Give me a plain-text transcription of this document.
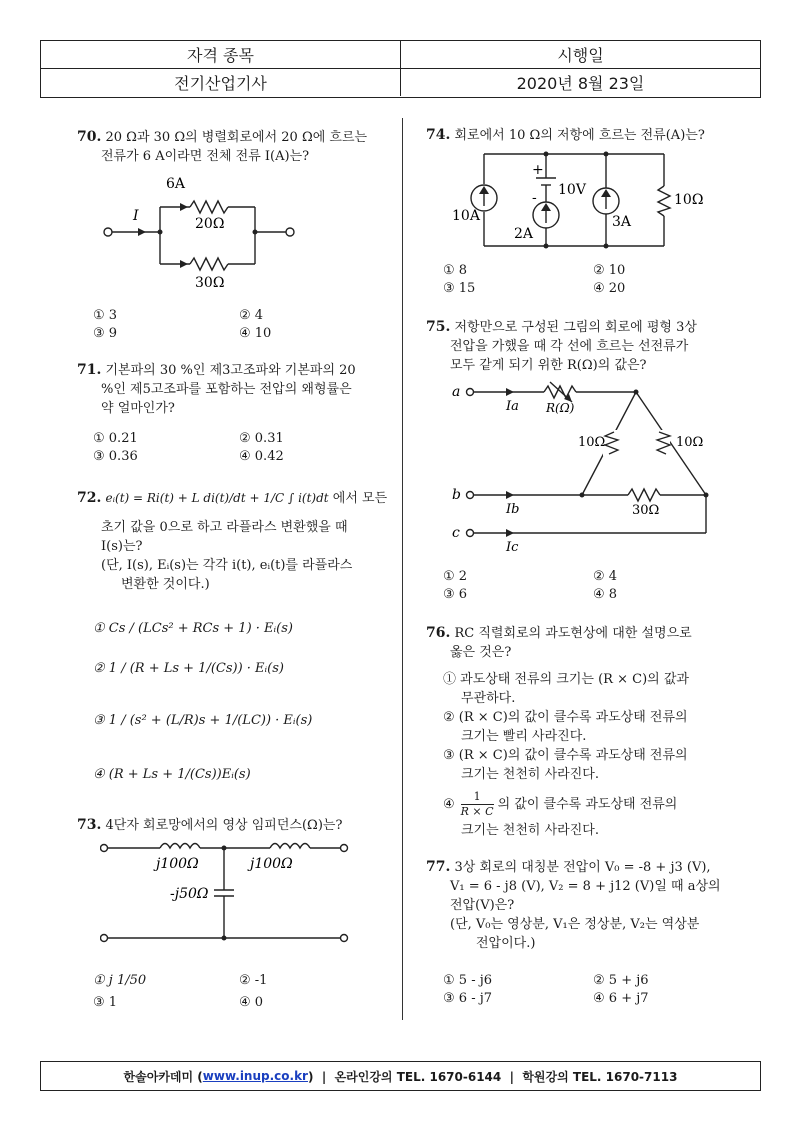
자격 종목	시행일
전기산업기사	2020년 8월 23일
70. 20 Ω과 30 Ω의 병렬회로에서 20 Ω에 흐르는
전류가 6 A이라면 전체 전류 I(A)는?
6A
I	20Ω
30Ω
① 3	② 4
③ 9	④ 10
71. 기본파의 30 %인 제3고조파와 기본파의 20
%인 제5고조파를 포함하는 전압의 왜형률은
약 얼마인가?
① 0.21	② 0.31
③ 0.36	④ 0.42
72. eᵢ(t) = Ri(t) + L di(t)/dt + 1/C ∫ i(t)dt 에서 모든
초기 값을 0으로 하고 라플라스 변환했을 때
I(s)는?
(단, I(s), Eᵢ(s)는 각각 i(t), eᵢ(t)를 라플라스
변환한 것이다.)
① Cs / (LCs² + RCs + 1) · Eᵢ(s)
② 1 / (R + Ls + 1/(Cs)) · Eᵢ(s)
③ 1 / (s² + (L/R)s + 1/(LC)) · Eᵢ(s)
④ (R + Ls + 1/(Cs))Eᵢ(s)
73. 4단자 회로망에서의 영상 임피던스(Ω)는?
j100Ω	j100Ω
-j50Ω
① j 1/50	② -1
③ 1	④ 0
74. 회로에서 10 Ω의 저항에 흐르는 전류(A)는?
10A
10V
+
-
2A
3A
10Ω
① 8	② 10
③ 15	④ 20
75. 저항만으로 구성된 그림의 회로에 평형 3상
전압을 가했을 때 각 선에 흐르는 선전류가
모두 같게 되기 위한 R(Ω)의 값은?
a
b
c
Ia
Ib
Ic
R(Ω)
10Ω	10Ω
30Ω
① 2	② 4
③ 6	④ 8
76. RC 직렬회로의 과도현상에 대한 설명으로
옳은 것은?
① 과도상태 전류의 크기는 (R × C)의 값과
무관하다.
② (R × C)의 값이 클수록 과도상태 전류의
크기는 빨리 사라진다.
③ (R × C)의 값이 클수록 과도상태 전류의
크기는 천천히 사라진다.
④
1
R × C 의 값이 클수록 과도상태 전류의
크기는 천천히 사라진다.
77. 3상 회로의 대칭분 전압이 V₀ = -8 + j3 (V),
V₁ = 6 - j8 (V), V₂ = 8 + j12 (V)일 때 a상의
전압(V)은?
(단, V₀는 영상분, V₁은 정상분, V₂는 역상분
전압이다.)
① 5 - j6	② 5 + j6
③ 6 - j7	④ 6 + j7
한솔아카데미 ( www.inup.co.kr )  |  온라인강의 TEL. 1670-6144  |  학원강의 TEL. 1670-7113
